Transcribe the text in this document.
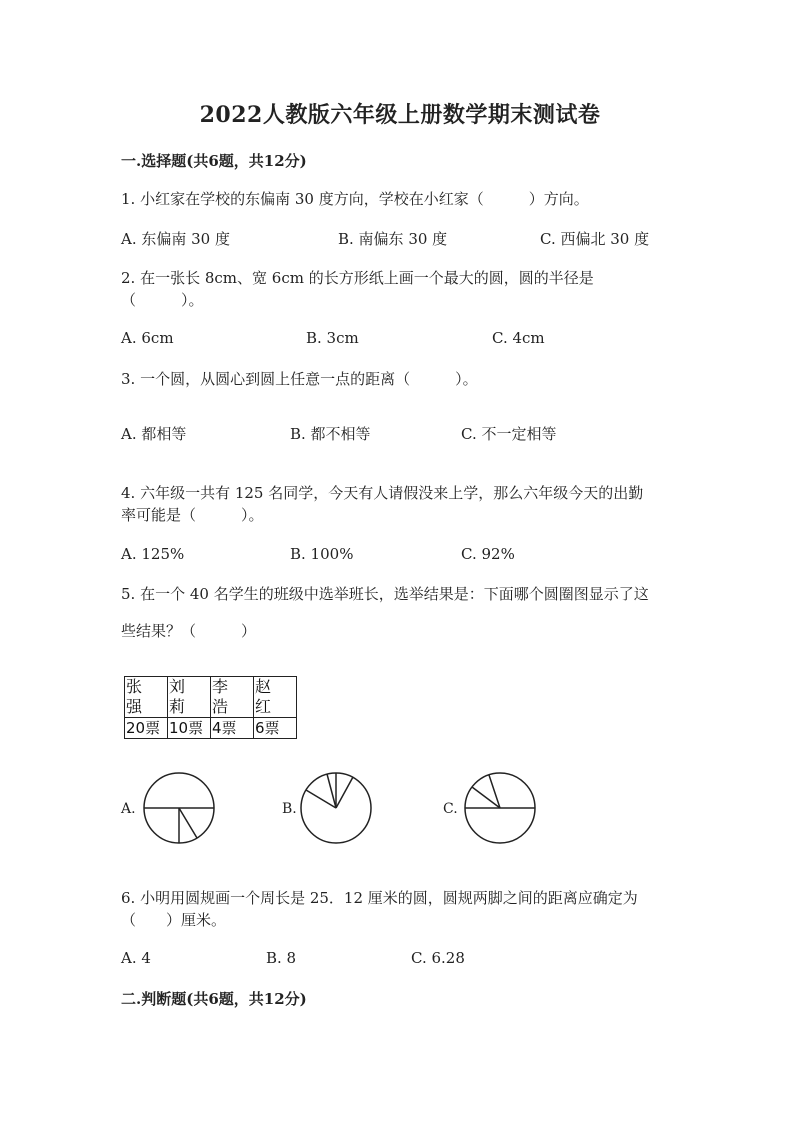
2022人教版六年级上册数学期末测试卷
一.选择题(共6题，共12分)
1. 小红家在学校的东偏南 30 度方向，学校在小红家（　　　）方向。
A. 东偏南 30 度	B. 南偏东 30 度	C. 西偏北 30 度
2. 在一张长 8cm、宽 6cm 的长方形纸上画一个最大的圆，圆的半径是
（　　　）。
A. 6cm	B. 3cm	C. 4cm
3. 一个圆，从圆心到圆上任意一点的距离（　　　）。
A. 都相等	B. 都不相等	C. 不一定相等
4. 六年级一共有 125 名同学，今天有人请假没来上学，那么六年级今天的出勤
率可能是（　　　）。
A. 125%	B. 100%	C. 92%
5. 在一个 40 名学生的班级中选举班长，选举结果是：下面哪个圆圈图显示了这
些结果？（　　　）
张 强	刘 莉	李 浩	赵 红
20票	10票	4票	6票
A.	B.	C.
6. 小明用圆规画一个周长是 25．12 厘米的圆，圆规两脚之间的距离应确定为
（　　）厘米。
A. 4	B. 8	C. 6.28
二.判断题(共6题，共12分)
